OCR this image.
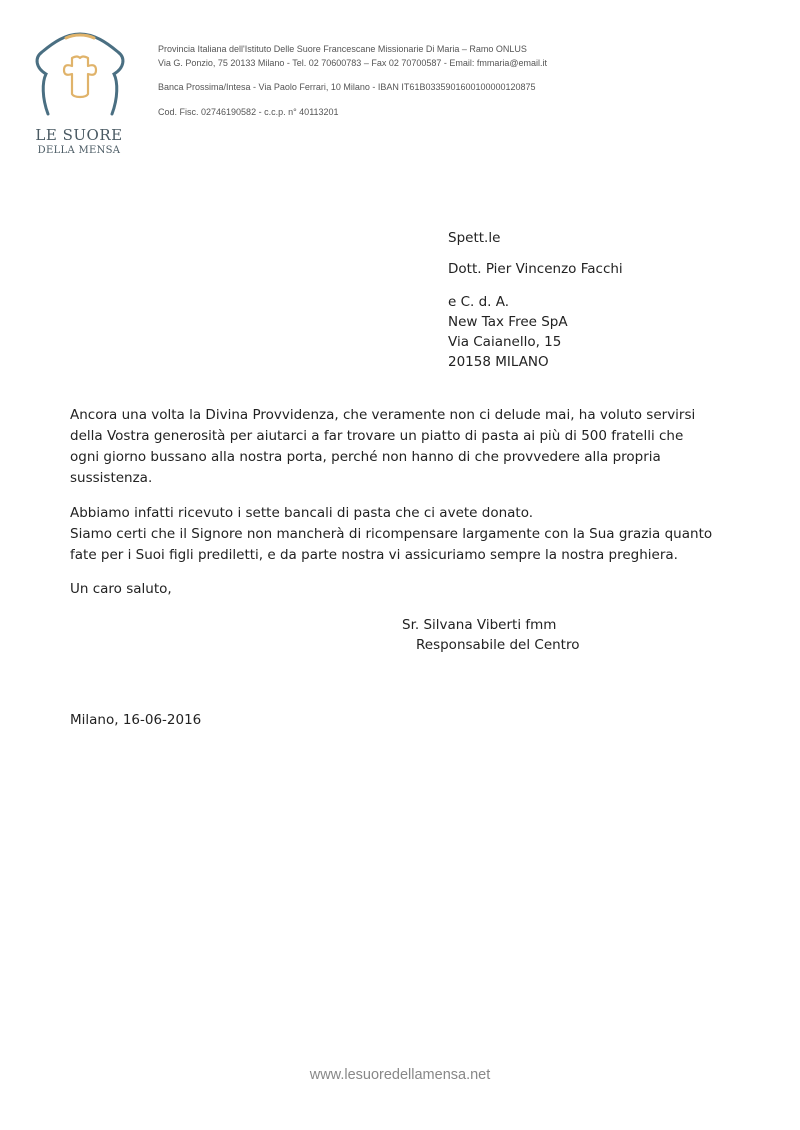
LE SUORE
DELLA MENSA
Provincia Italiana dell'Istituto Delle Suore Francescane Missionarie Di Maria – Ramo ONLUS
Via G. Ponzio, 75 20133 Milano - Tel. 02 70600783 – Fax 02 70700587 - Email: fmmaria@email.it
Banca Prossima/Intesa - Via Paolo Ferrari, 10 Milano - IBAN IT61B0335901600100000120875
Cod. Fisc. 02746190582 - c.c.p. n° 40113201
Spett.le
Dott. Pier Vincenzo Facchi
e C. d. A.
New Tax Free SpA
Via Caianello, 15
20158 MILANO
Ancora una volta la Divina Provvidenza, che veramente non ci delude mai, ha voluto servirsi
della Vostra generosità per aiutarci a far trovare un piatto di pasta ai più di 500 fratelli che
ogni giorno bussano alla nostra porta, perché non hanno di che provvedere alla propria
sussistenza.
Abbiamo infatti ricevuto i sette bancali di pasta che ci avete donato.
Siamo certi che il Signore non mancherà di ricompensare largamente con la Sua grazia quanto
fate per i Suoi figli prediletti, e da parte nostra vi assicuriamo sempre la nostra preghiera.
Un caro saluto,
Sr. Silvana Viberti fmm
Responsabile del Centro
Milano, 16-06-2016
www.lesuoredellamensa.net
